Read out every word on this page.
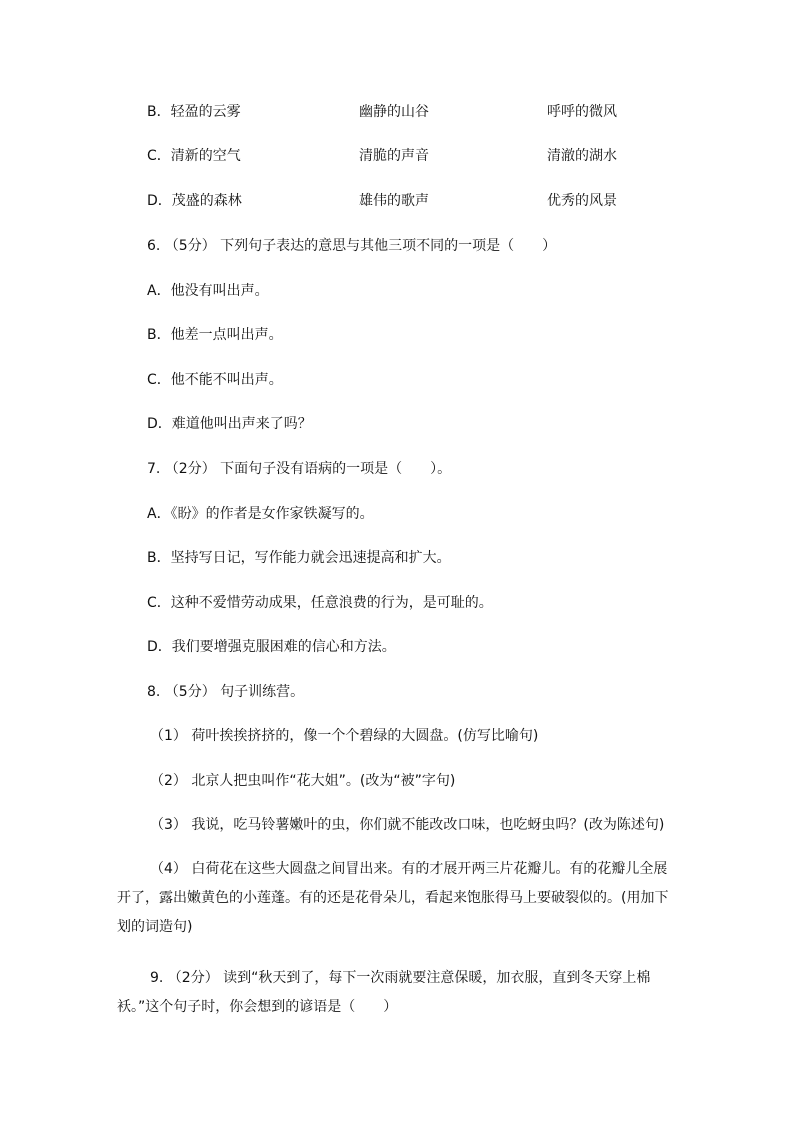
B．轻盈的云雾	幽静的山谷	呼呼的微风
C．清新的空气	清脆的声音	清澈的湖水
D．茂盛的森林	雄伟的歌声	优秀的风景
6. （5分） 下列句子表达的意思与其他三项不同的一项是（　　）
A．他没有叫出声。
B．他差一点叫出声。
C．他不能不叫出声。
D．难道他叫出声来了吗？
7. （2分） 下面句子没有语病的一项是（　　）。
A．《盼》的作者是女作家铁凝写的。
B．坚持写日记，写作能力就会迅速提高和扩大。
C．这种不爱惜劳动成果，任意浪费的行为，是可耻的。
D．我们要增强克服困难的信心和方法。
8. （5分） 句子训练营。
（1） 荷叶挨挨挤挤的，像一个个碧绿的大圆盘。(仿写比喻句)
（2） 北京人把虫叫作“花大姐”。(改为“被”字句)
（3） 我说，吃马铃薯嫩叶的虫，你们就不能改改口味，也吃蚜虫吗？(改为陈述句)
（4） 白荷花在这些大圆盘之间冒出来。有的才展开两三片花瓣儿。有的花瓣儿全展开了，露出嫩黄色的小莲蓬。有的还是花骨朵儿，看起来饱胀得马上要破裂似的。(用加下划的词造句)
9. （2分） 读到“秋天到了，每下一次雨就要注意保暖，加衣服，直到冬天穿上棉袄。”这个句子时，你会想到的谚语是（　　）
